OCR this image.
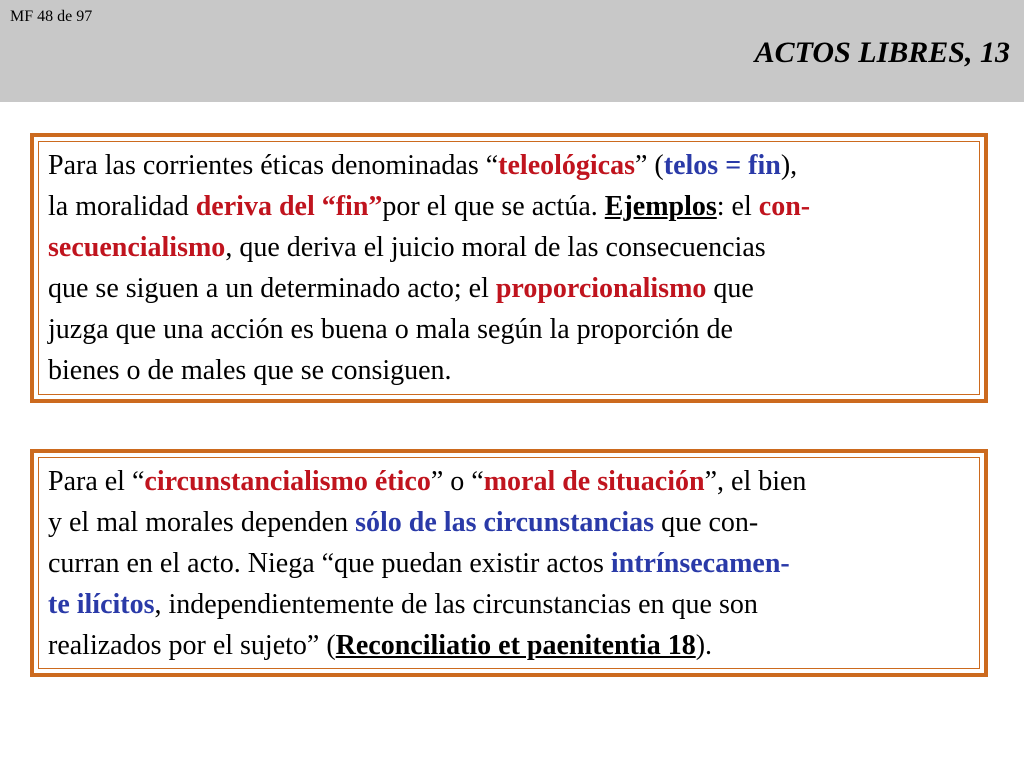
MF 48 de 97
ACTOS LIBRES, 13
Para las corrientes éticas denominadas “teleológicas” (telos = fin),
la moralidad deriva del “fin”por el que se actúa. Ejemplos: el con-
secuencialismo, que deriva el juicio moral de las consecuencias
que se siguen a un determinado acto; el proporcionalismo que
juzga que una acción es buena o mala según la proporción de
bienes o de males que se consiguen.
Para el “circunstancialismo ético” o “moral de situación”, el bien
y el mal morales dependen sólo de las circunstancias que con-
curran en el acto. Niega “que puedan existir actos intrínsecamen-
te ilícitos, independientemente de las circunstancias en que son
realizados por el sujeto” (Reconciliatio et paenitentia 18).
